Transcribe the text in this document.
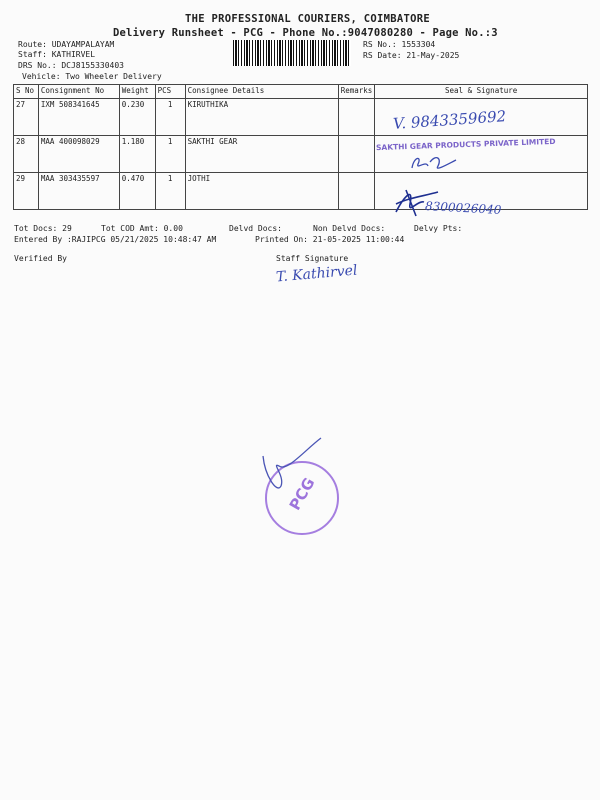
THE PROFESSIONAL COURIERS, COIMBATORE
Delivery Runsheet - PCG - Phone No.:9047080280 - Page No.:3
Route: UDAYAMPALAYAM
Staff: KATHIRVEL
DRS No.: DCJ8155330403
Vehicle: Two Wheeler Delivery
RS No.: 1553304
RS Date: 21-May-2025
S No	Consignment No	Weight	PCS	Consignee Details	Remarks	Seal & Signature
27	IXM 508341645	0.230	1	KIRUTHIKA		
28	MAA 400098029	1.180	1	SAKTHI GEAR		
29	MAA 303435597	0.470	1	JOTHI		
V. 9843359692
SAKTHI GEAR PRODUCTS PRIVATE LIMITED
8300026040
Tot Docs: 29	Tot COD Amt: 0.00	Delvd Docs:	Non Delvd Docs:	Delvy Pts:
Entered By :RAJIPCG 05/21/2025 10:48:47 AM	Printed On: 21-05-2025 11:00:44
Verified By	Staff Signature
T. Kathirvel
PCG
